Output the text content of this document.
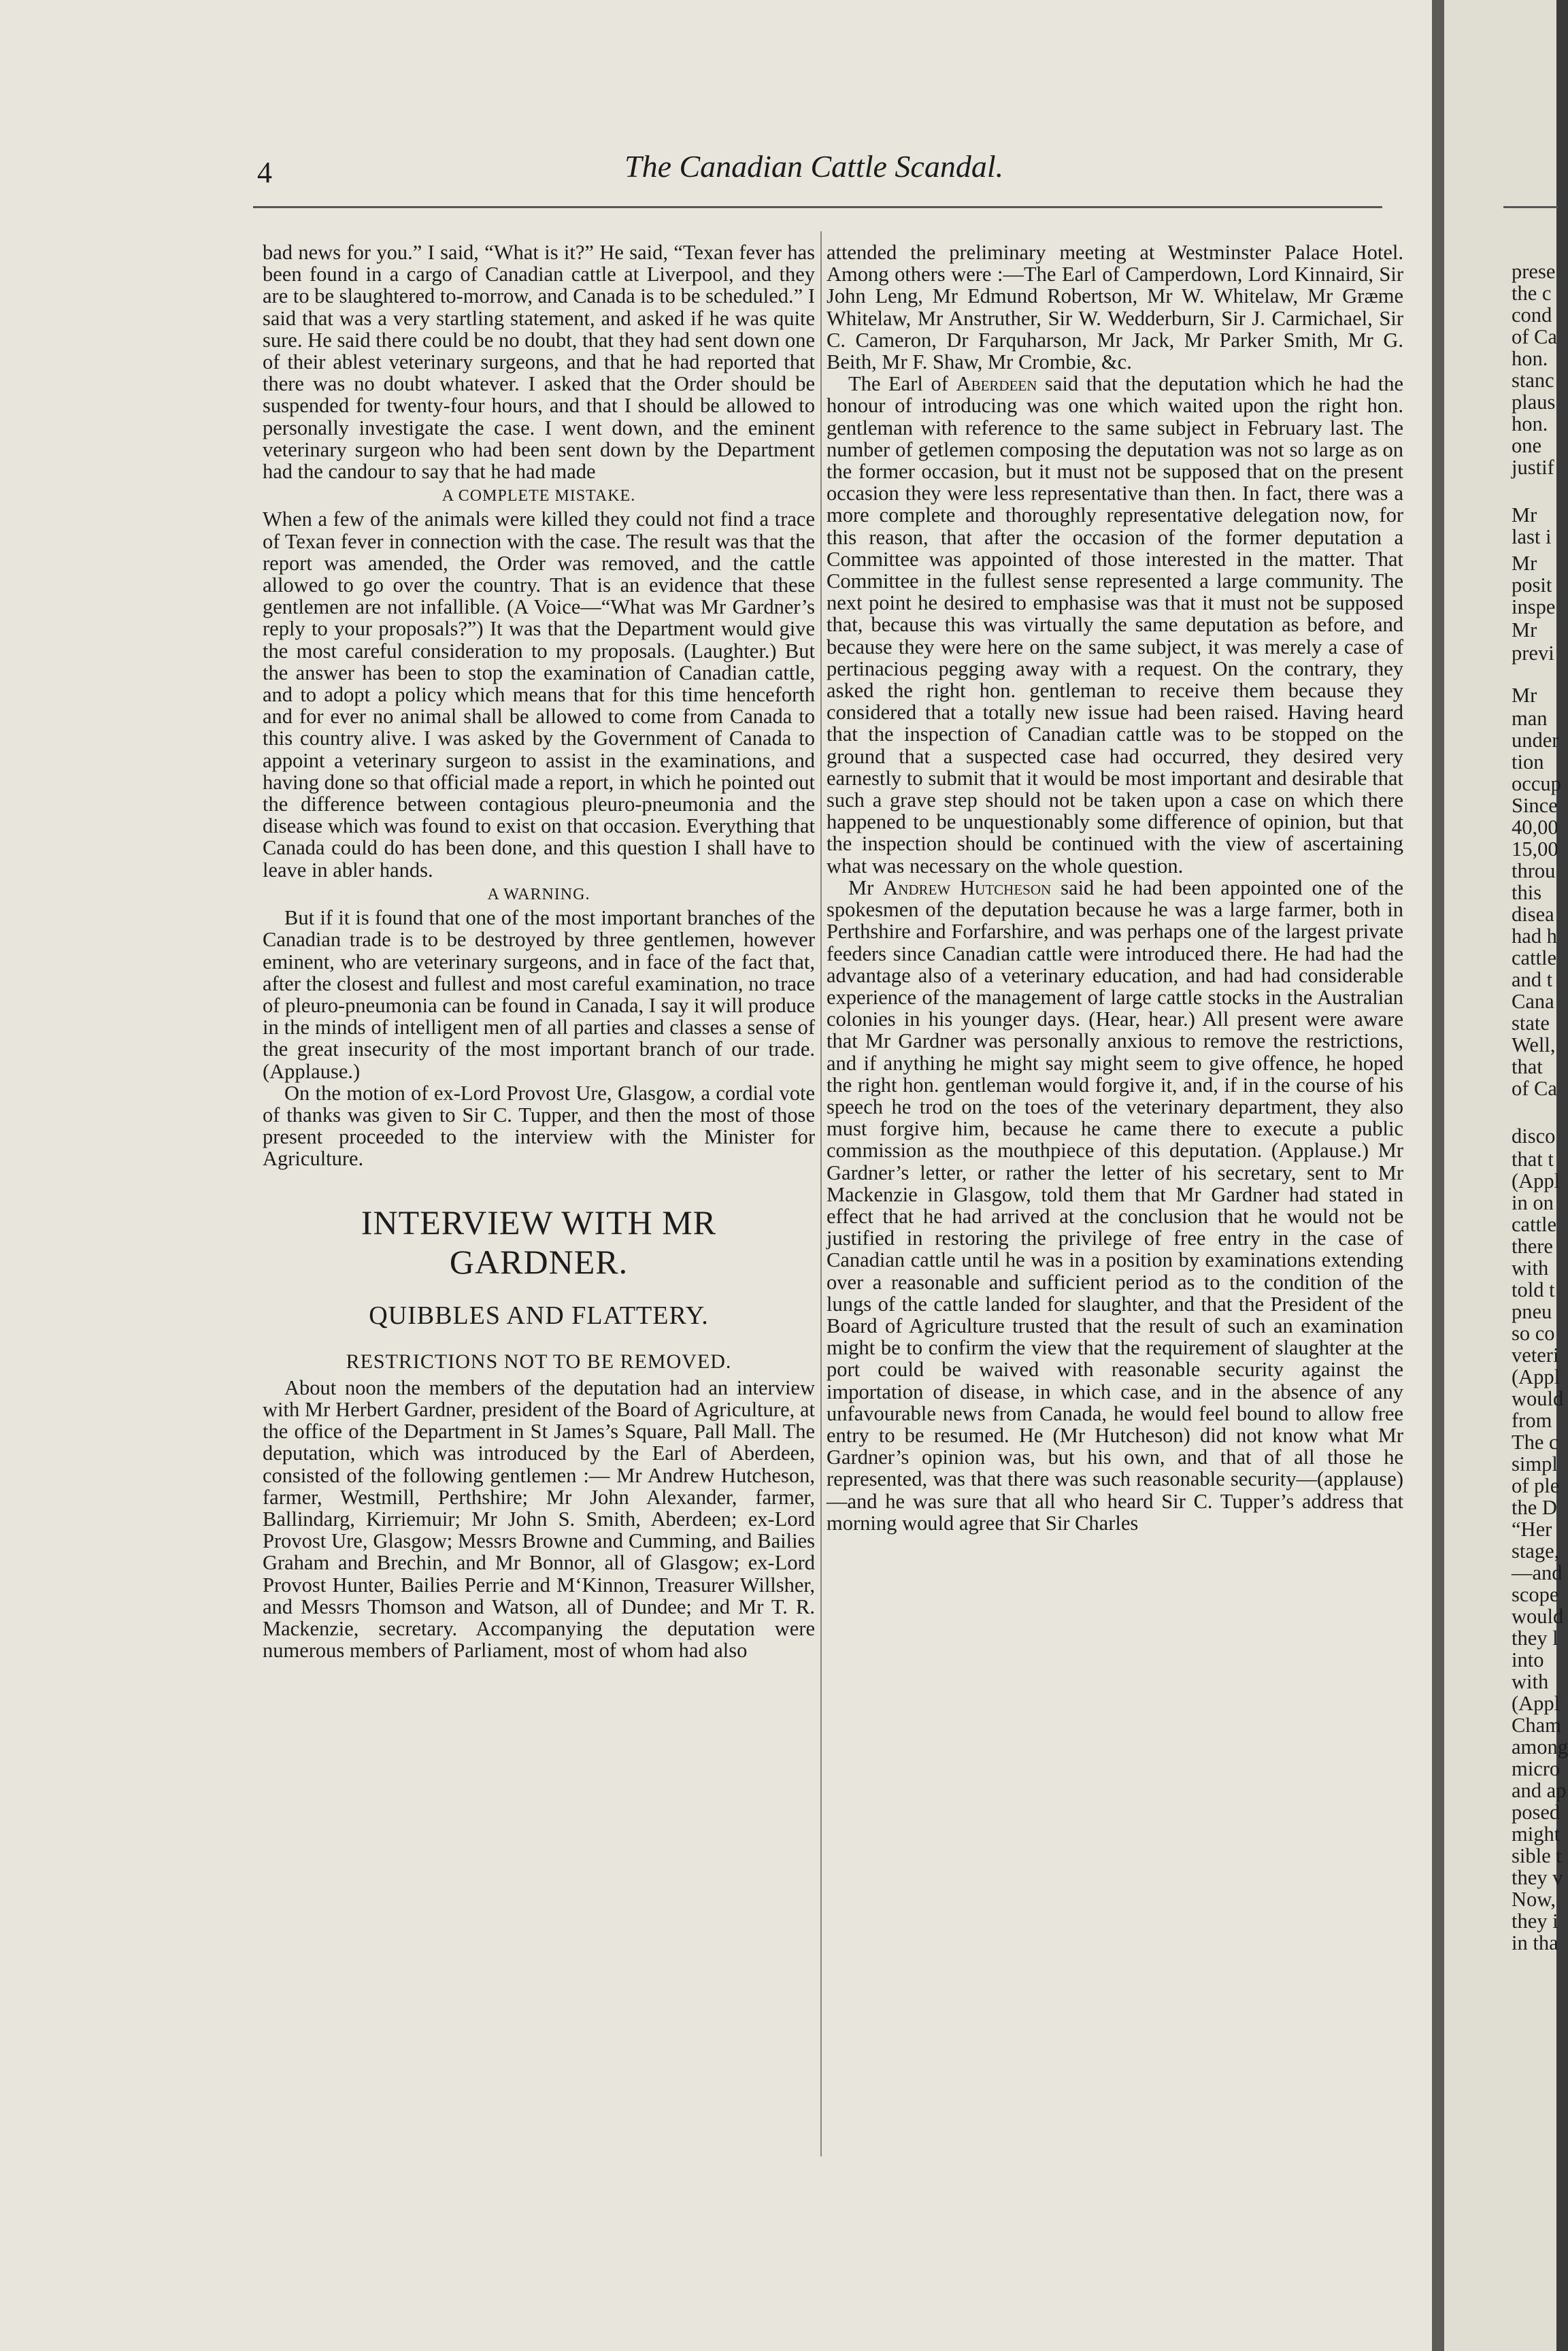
4	The Canadian Cattle Scandal.

bad news for you.” I said, “What is it?” He said, “Texan fever has been found in a cargo of Canadian cattle at Liverpool, and they are to be slaughtered to-morrow, and Canada is to be scheduled.” I said that was a very startling statement, and asked if he was quite sure. He said there could be no doubt, that they had sent down one of their ablest veterinary surgeons, and that he had reported that there was no doubt whatever. I asked that the Order should be suspended for twenty-four hours, and that I should be allowed to personally investigate the case. I went down, and the eminent veterinary surgeon who had been sent down by the Department had the candour to say that he had made

A COMPLETE MISTAKE.

When a few of the animals were killed they could not find a trace of Texan fever in connection with the case. The result was that the report was amended, the Order was removed, and the cattle allowed to go over the country. That is an evidence that these gentlemen are not infallible. (A Voice—“What was Mr Gardner’s reply to your proposals?”) It was that the Department would give the most careful consideration to my proposals. (Laughter.) But the answer has been to stop the examination of Canadian cattle, and to adopt a policy which means that for this time henceforth and for ever no animal shall be allowed to come from Canada to this country alive. I was asked by the Government of Canada to appoint a veterinary surgeon to assist in the examinations, and having done so that official made a report, in which he pointed out the difference between contagious pleuro-pneumonia and the disease which was found to exist on that occasion. Everything that Canada could do has been done, and this question I shall have to leave in abler hands.

A WARNING.

But if it is found that one of the most important branches of the Canadian trade is to be destroyed by three gentlemen, however eminent, who are veterinary surgeons, and in face of the fact that, after the closest and fullest and most careful examination, no trace of pleuro-pneumonia can be found in Canada, I say it will produce in the minds of intelligent men of all parties and classes a sense of the great insecurity of the most important branch of our trade. (Applause.)

On the motion of ex-Lord Provost Ure, Glasgow, a cordial vote of thanks was given to Sir C. Tupper, and then the most of those present proceeded to the interview with the Minister for Agriculture.

INTERVIEW WITH MR GARDNER.
QUIBBLES AND FLATTERY.
RESTRICTIONS NOT TO BE REMOVED.

About noon the members of the deputation had an interview with Mr Herbert Gardner, president of the Board of Agriculture, at the office of the Department in St James’s Square, Pall Mall. The deputation, which was introduced by the Earl of Aberdeen, consisted of the following gentlemen :— Mr Andrew Hutcheson, farmer, Westmill, Perthshire; Mr John Alexander, farmer, Ballindarg, Kirriemuir; Mr John S. Smith, Aberdeen; ex-Lord Provost Ure, Glasgow; Messrs Browne and Cumming, and Bailies Graham and Brechin, and Mr Bonnor, all of Glasgow; ex-Lord Provost Hunter, Bailies Perrie and M‘Kinnon, Treasurer Willsher, and Messrs Thomson and Watson, all of Dundee; and Mr T. R. Mackenzie, secretary. Accompanying the deputation were numerous members of Parliament, most of whom had also

attended the preliminary meeting at Westminster Palace Hotel. Among others were :—The Earl of Camperdown, Lord Kinnaird, Sir John Leng, Mr Edmund Robertson, Mr W. Whitelaw, Mr Græme Whitelaw, Mr Anstruther, Sir W. Wedderburn, Sir J. Carmichael, Sir C. Cameron, Dr Farquharson, Mr Jack, Mr Parker Smith, Mr G. Beith, Mr F. Shaw, Mr Crombie, &c.

The Earl of Aberdeen said that the deputation which he had the honour of introducing was one which waited upon the right hon. gentleman with reference to the same subject in February last. The number of getlemen composing the deputation was not so large as on the former occasion, but it must not be supposed that on the present occasion they were less representative than then. In fact, there was a more complete and thoroughly representative delegation now, for this reason, that after the occasion of the former deputation a Committee was appointed of those interested in the matter. That Committee in the fullest sense represented a large community. The next point he desired to emphasise was that it must not be supposed that, because this was virtually the same deputation as before, and because they were here on the same subject, it was merely a case of pertinacious pegging away with a request. On the contrary, they asked the right hon. gentleman to receive them because they considered that a totally new issue had been raised. Having heard that the inspection of Canadian cattle was to be stopped on the ground that a suspected case had occurred, they desired very earnestly to submit that it would be most important and desirable that such a grave step should not be taken upon a case on which there happened to be unquestionably some difference of opinion, but that the inspection should be continued with the view of ascertaining what was necessary on the whole question.

Mr Andrew Hutcheson said he had been appointed one of the spokesmen of the deputation because he was a large farmer, both in Perthshire and Forfarshire, and was perhaps one of the largest private feeders since Canadian cattle were introduced there. He had had the advantage also of a veterinary education, and had had considerable experience of the management of large cattle stocks in the Australian colonies in his younger days. (Hear, hear.) All present were aware that Mr Gardner was personally anxious to remove the restrictions, and if anything he might say might seem to give offence, he hoped the right hon. gentleman would forgive it, and, if in the course of his speech he trod on the toes of the veterinary department, they also must forgive him, because he came there to execute a public commission as the mouthpiece of this deputation. (Applause.) Mr Gardner’s letter, or rather the letter of his secretary, sent to Mr Mackenzie in Glasgow, told them that Mr Gardner had stated in effect that he had arrived at the conclusion that he would not be justified in restoring the privilege of free entry in the case of Canadian cattle until he was in a position by examinations extending over a reasonable and sufficient period as to the condition of the lungs of the cattle landed for slaughter, and that the President of the Board of Agriculture trusted that the result of such an examination might be to confirm the view that the requirement of slaughter at the port could be waived with reasonable security against the importation of disease, in which case, and in the absence of any unfavourable news from Canada, he would feel bound to allow free entry to be resumed. He (Mr Hutcheson) did not know what Mr Gardner’s opinion was, but his own, and that of all those he represented, was that there was such reasonable security—(applause)—and he was sure that all who heard Sir C. Tupper’s address that morning would agree that Sir Charles

prese
the c
cond
of Ca
hon.
stanc
plaus
hon.
one
justif
Mr
last i
Mr
posit
inspe
Mr
previ
Mr
man
under
tion
occup
Since
40,00
15,00
throu
this
disea
had h
cattle
and t
Cana
state
Well,
that
of Ca
disco
that t
(Appl
in on
cattle
there
with
told t
pneu
so co
veteri
(Appl
would
from
The c
simpl
of ple
the D
“Her
stage,
—and
scope
would
they l
into
with
(Appl
Cham
among
micro
and ap
posed
might
sible t
they v
Now,
they i
in tha
